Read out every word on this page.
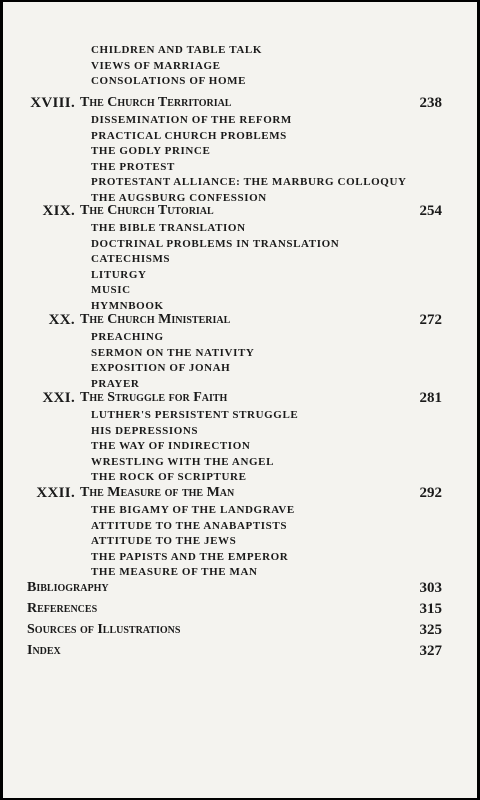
CHILDREN AND TABLE TALK
VIEWS OF MARRIAGE
CONSOLATIONS OF HOME
XVIII. The Church Territorial	238
DISSEMINATION OF THE REFORM
PRACTICAL CHURCH PROBLEMS
THE GODLY PRINCE
THE PROTEST
PROTESTANT ALLIANCE: THE MARBURG COLLOQUY
THE AUGSBURG CONFESSION
XIX. The Church Tutorial	254
THE BIBLE TRANSLATION
DOCTRINAL PROBLEMS IN TRANSLATION
CATECHISMS
LITURGY
MUSIC
HYMNBOOK
XX. The Church Ministerial	272
PREACHING
SERMON ON THE NATIVITY
EXPOSITION OF JONAH
PRAYER
XXI. The Struggle for Faith	281
LUTHER'S PERSISTENT STRUGGLE
HIS DEPRESSIONS
THE WAY OF INDIRECTION
WRESTLING WITH THE ANGEL
THE ROCK OF SCRIPTURE
XXII. The Measure of the Man	292
THE BIGAMY OF THE LANDGRAVE
ATTITUDE TO THE ANABAPTISTS
ATTITUDE TO THE JEWS
THE PAPISTS AND THE EMPEROR
THE MEASURE OF THE MAN
Bibliography	303
References	315
Sources of Illustrations	325
Index	327
